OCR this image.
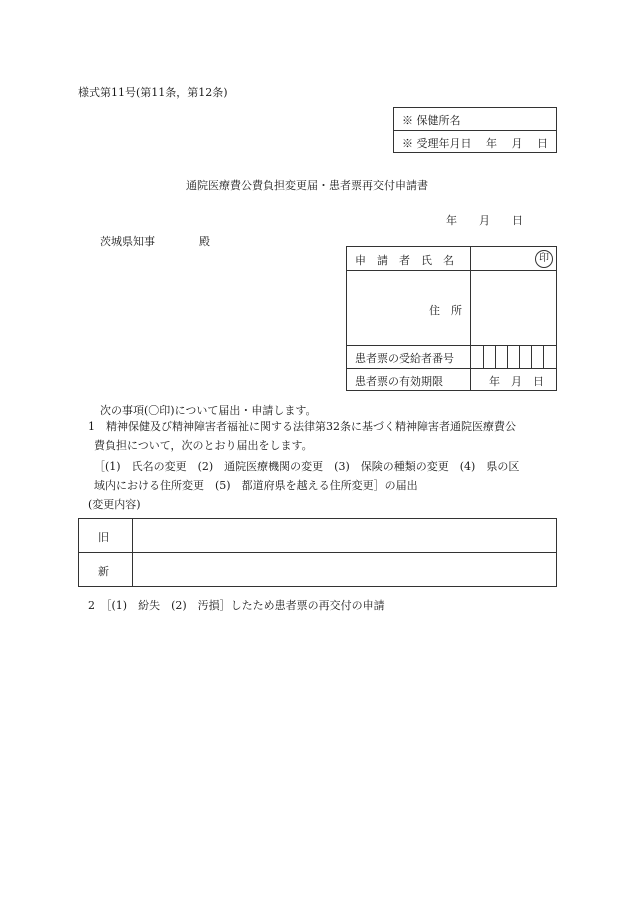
様式第11号(第11条，第12条)
※ 保健所名
※ 受理年月日　 年　 月　 日
通院医療費公費負担変更届・患者票再交付申請書
年　　月　　日
茨城県知事　　　　殿
申　請　者　氏　名	印
住　所
患者票の受給者番号
患者票の有効期限	年　月　日
次の事項(〇印)について届出・申請します。
1　精神保健及び精神障害者福祉に関する法律第32条に基づく精神障害者通院医療費公
費負担について，次のとおり届出をします。
［(1)　氏名の変更　(2)　通院医療機関の変更　(3)　保険の種類の変更　(4)　県の区
域内における住所変更　(5)　都道府県を越える住所変更］の届出
(変更内容)
旧
新
2　［(1)　紛失　(2)　汚損］したため患者票の再交付の申請
